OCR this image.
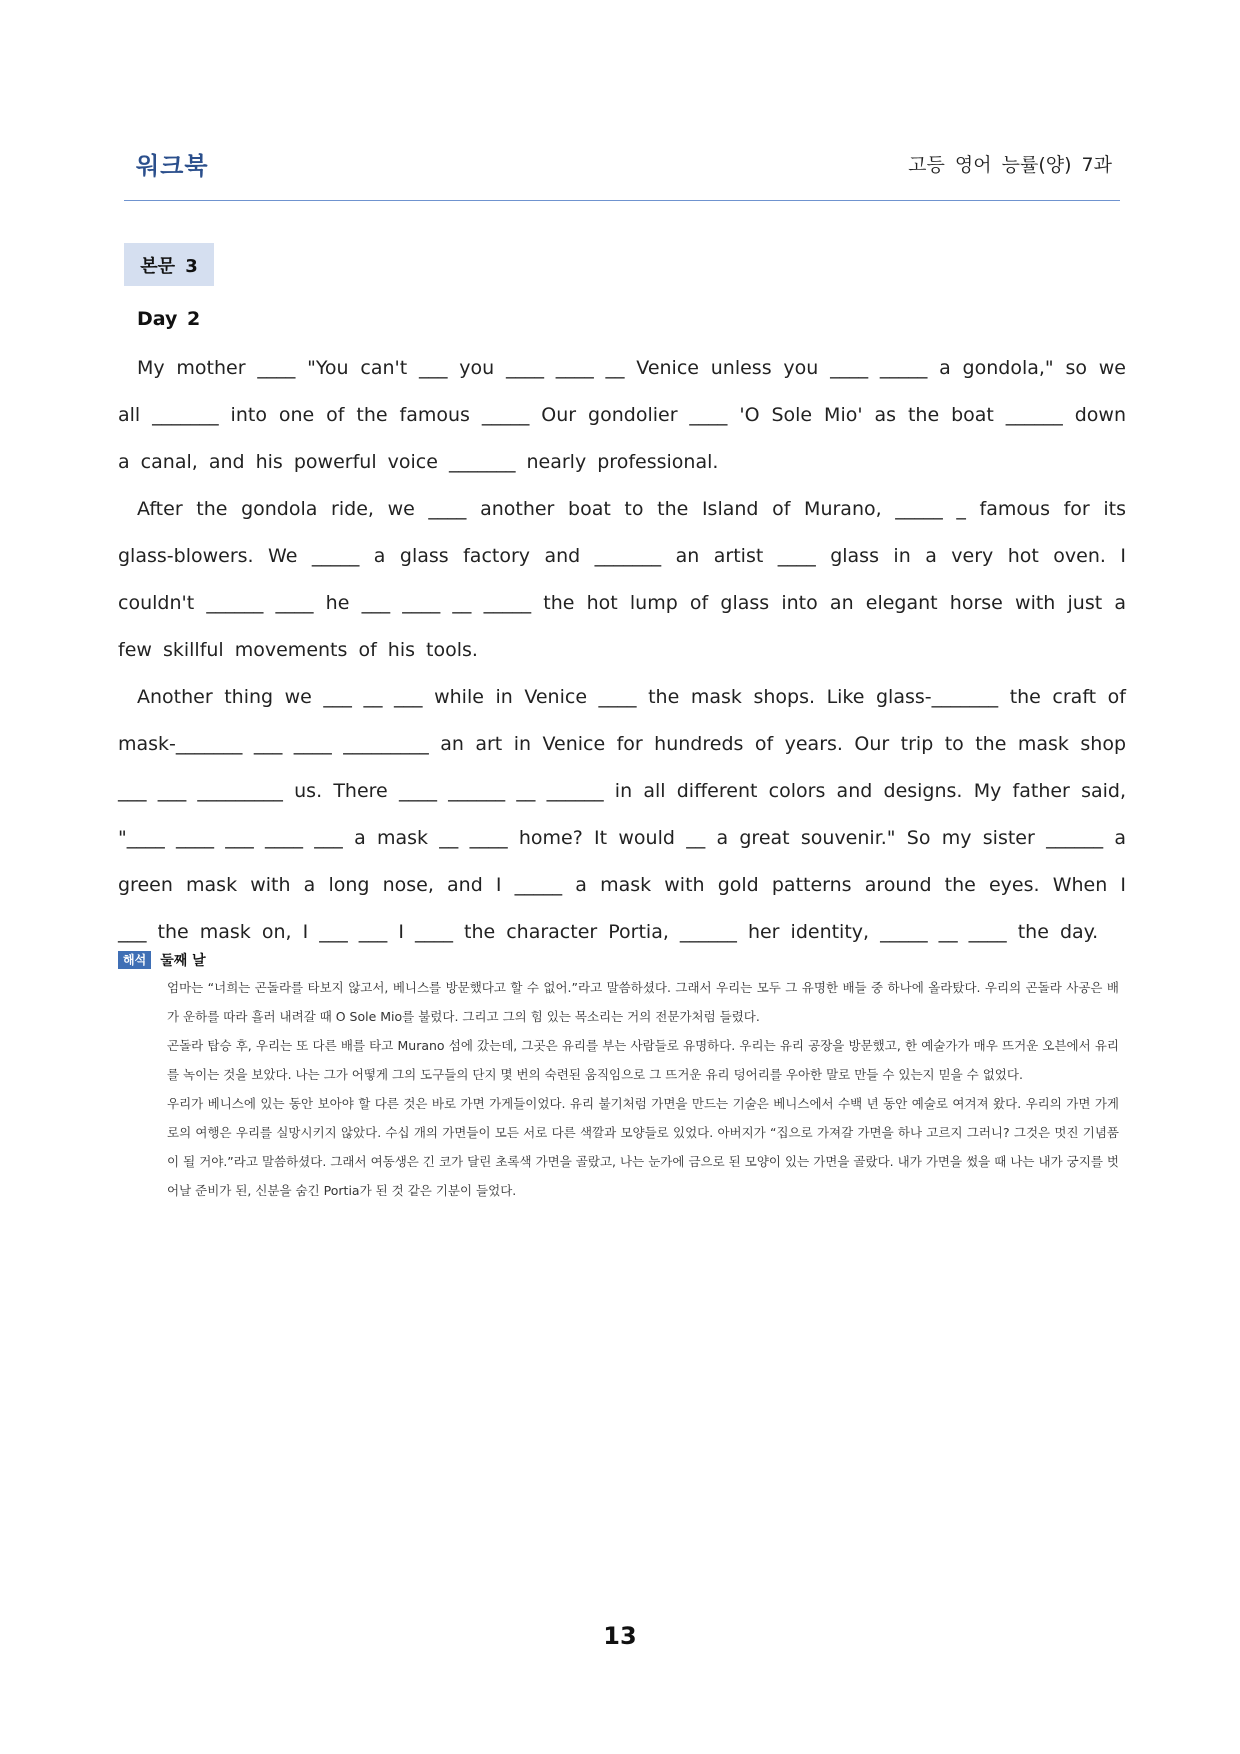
워크북	고등 영어 능률(양) 7과
본문 3
Day 2

My mother ____ "You can't ___ you ____ ____ __ Venice unless you ____ _____ a gondola," so we all _______ into one of the famous _____ Our gondolier ____ 'O Sole Mio' as the boat ______ down a canal, and his powerful voice _______ nearly professional.

After the gondola ride, we ____ another boat to the Island of Murano, _____ _ famous for its glass-blowers. We _____ a glass factory and _______ an artist ____ glass in a very hot oven. I couldn't ______ ____ he ___ ____ __ _____ the hot lump of glass into an elegant horse with just a few skillful movements of his tools.

Another thing we ___ __ ___ while in Venice ____ the mask shops. Like glass-_______ the craft of mask-_______ ___ ____ _________ an art in Venice for hundreds of years. Our trip to the mask shop ___ ___ _________ us. There ____ ______ __ ______ in all different colors and designs. My father said, "____ ____ ___ ____ ___ a mask __ ____ home? It would __ a great souvenir." So my sister ______ a green mask with a long nose, and I _____ a mask with gold patterns around the eyes. When I ___ the mask on, I ___ ___ I ____ the character Portia, ______ her identity, _____ __ ____ the day.

해석	둘째 날

엄마는 “너희는 곤돌라를 타보지 않고서, 베니스를 방문했다고 할 수 없어.”라고 말씀하셨다. 그래서 우리는 모두 그 유명한 배들 중 하나에 올라탔다. 우리의 곤돌라 사공은 배가 운하를 따라 흘러 내려갈 때 O Sole Mio를 불렀다. 그리고 그의 힘 있는 목소리는 거의 전문가처럼 들렸다.

곤돌라 탑승 후, 우리는 또 다른 배를 타고 Murano 섬에 갔는데, 그곳은 유리를 부는 사람들로 유명하다. 우리는 유리 공장을 방문했고, 한 예술가가 매우 뜨거운 오븐에서 유리를 녹이는 것을 보았다. 나는 그가 어떻게 그의 도구들의 단지 몇 번의 숙련된 움직임으로 그 뜨거운 유리 덩어리를 우아한 말로 만들 수 있는지 믿을 수 없었다.

우리가 베니스에 있는 동안 보아야 할 다른 것은 바로 가면 가게들이었다. 유리 불기처럼 가면을 만드는 기술은 베니스에서 수백 년 동안 예술로 여겨져 왔다. 우리의 가면 가게로의 여행은 우리를 실망시키지 않았다. 수십 개의 가면들이 모든 서로 다른 색깔과 모양들로 있었다. 아버지가 “집으로 가져갈 가면을 하나 고르지 그러니? 그것은 멋진 기념품이 될 거야.”라고 말씀하셨다. 그래서 여동생은 긴 코가 달린 초록색 가면을 골랐고, 나는 눈가에 금으로 된 모양이 있는 가면을 골랐다. 내가 가면을 썼을 때 나는 내가 궁지를 벗어날 준비가 된, 신분을 숨긴 Portia가 된 것 같은 기분이 들었다.

13
